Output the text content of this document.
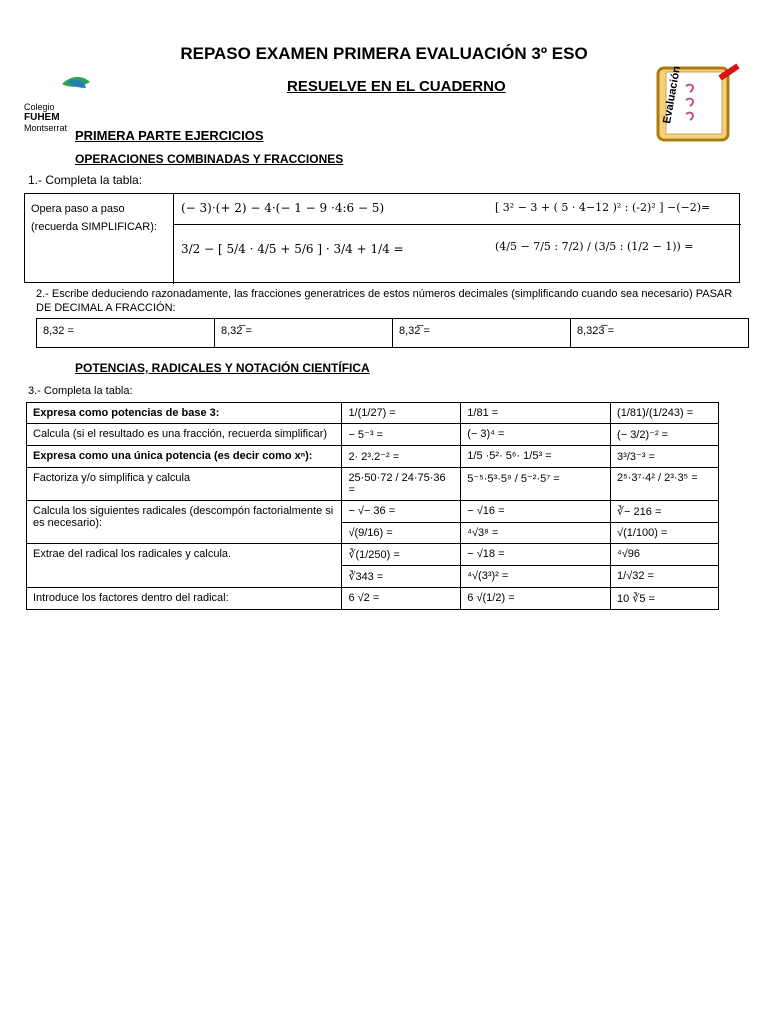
REPASO EXAMEN PRIMERA EVALUACIÓN 3º ESO
RESUELVE EN EL CUADERNO
Colegio
FUHEM
Montserrat
Evaluación
PRIMERA PARTE EJERCICIOS
OPERACIONES COMBINADAS Y FRACCIONES
1.- Completa la tabla:
Opera paso a paso (recuerda SIMPLIFICAR):
(− 3)·(+ 2) − 4·(− 1 − 9 ·4:6 − 5)	[ 3² − 3 + ( 5 · 4−12 )² : (-2)² ] −(−2)=
3/2 − [ 5/4 · 4/5 + 5/6 ] · 3/4 + 1/4 =	(4/5 − 7/5 : 7/2) / (3/5 : (1/2 − 1)) =
2.- Escribe deduciendo razonadamente, las fracciones generatrices de estos números decimales (simplificando cuando sea necesario) PASAR DE DECIMAL A FRACCIÓN:
8,32 =	8,32̅ =	8,32̅ =	8,323̅ =
POTENCIAS, RADICALES Y NOTACIÓN CIENTÍFICA
3.- Completa la tabla:
Expresa como potencias de base 3:	1/(1/27) =	1/81 =	(1/81)/(1/243) =
Calcula (si el resultado es una fracción, recuerda simplificar)	− 5⁻³ =	(− 3)⁴ =	(− 3/2)⁻² =
Expresa como una única potencia (es decir como xⁿ):	2· 2³.2⁻² =	1/5 ·5²· 5⁶· 1/5³ =	3³/3⁻³ =
Factoriza y/o simplifica y calcula	25·50·72 / 24·75·36 =	5⁻⁵·5³·5⁹ / 5⁻²·5⁷ =	2⁵·3⁷·4² / 2³·3⁵ =
Calcula los siguientes radicales (descompón factorialmente si es necesario):	− √− 36 =	− √16 =	∛− 216 =
	√(9/16) =	⁴√3⁸ =	√(1/100) =
Extrae del radical los radicales y calcula.	∛(1/250) =	− √18 =	⁴√96
	∛343 =	⁴√(3³)² =	1/√32 =
Introduce los factores dentro del radical:	6 √2 =	6 √(1/2) =	10 ∛5 =
